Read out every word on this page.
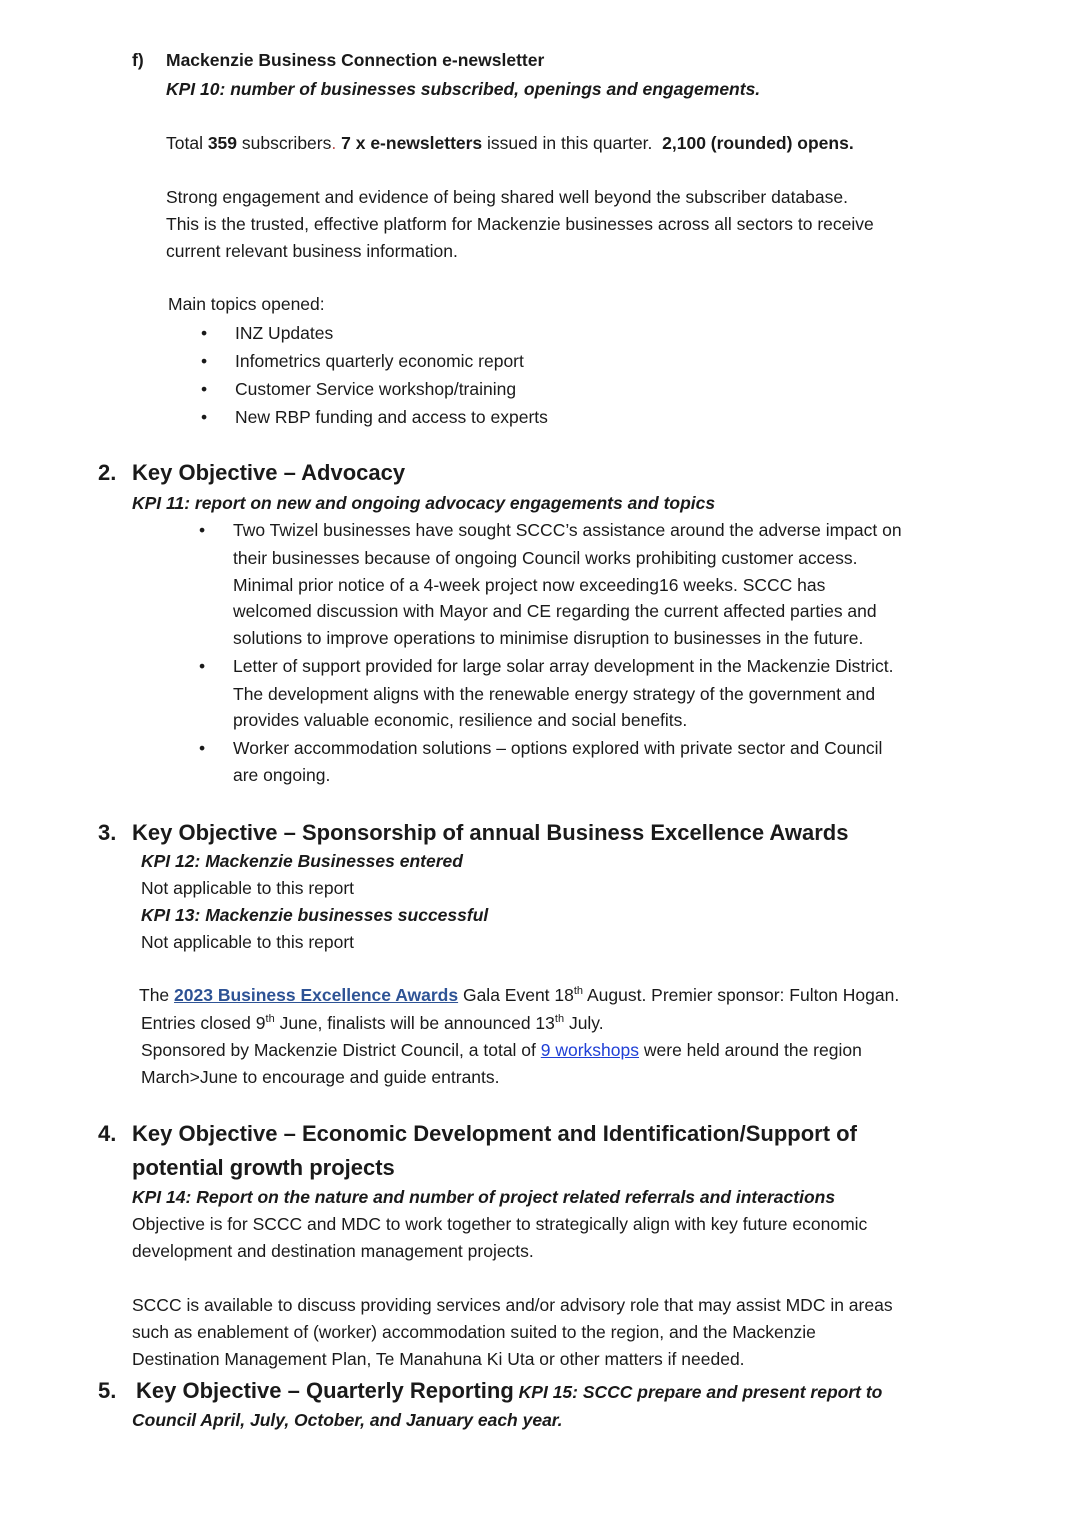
f) Mackenzie Business Connection e-newsletter

KPI 10: number of businesses subscribed, openings and engagements.

Total 359 subscribers. 7 x e-newsletters issued in this quarter.  2,100 (rounded) opens.

Strong engagement and evidence of being shared well beyond the subscriber database.

This is the trusted, effective platform for Mackenzie businesses across all sectors to receive

current relevant business information.

Main topics opened:

• INZ Updates

• Infometrics quarterly economic report

• Customer Service workshop/training

• New RBP funding and access to experts

2. Key Objective – Advocacy

KPI 11: report on new and ongoing advocacy engagements and topics

• Two Twizel businesses have sought SCCC’s assistance around the adverse impact on

their businesses because of ongoing Council works prohibiting customer access.

Minimal prior notice of a 4-week project now exceeding16 weeks. SCCC has

welcomed discussion with Mayor and CE regarding the current affected parties and

solutions to improve operations to minimise disruption to businesses in the future.

• Letter of support provided for large solar array development in the Mackenzie District.

The development aligns with the renewable energy strategy of the government and

provides valuable economic, resilience and social benefits.

• Worker accommodation solutions – options explored with private sector and Council

are ongoing.

3. Key Objective – Sponsorship of annual Business Excellence Awards

KPI 12: Mackenzie Businesses entered

Not applicable to this report

KPI 13: Mackenzie businesses successful

Not applicable to this report

The 2023 Business Excellence Awards Gala Event 18th August. Premier sponsor: Fulton Hogan.

Entries closed 9th June, finalists will be announced 13th July.

Sponsored by Mackenzie District Council, a total of 9 workshops were held around the region

March>June to encourage and guide entrants.

4. Key Objective – Economic Development and Identification/Support of
potential growth projects

KPI 14: Report on the nature and number of project related referrals and interactions

Objective is for SCCC and MDC to work together to strategically align with key future economic

development and destination management projects.

SCCC is available to discuss providing services and/or advisory role that may assist MDC in areas

such as enablement of (worker) accommodation suited to the region, and the Mackenzie

Destination Management Plan, Te Manahuna Ki Uta or other matters if needed.

5. Key Objective – Quarterly Reporting KPI 15: SCCC prepare and present report to

Council April, July, October, and January each year.
